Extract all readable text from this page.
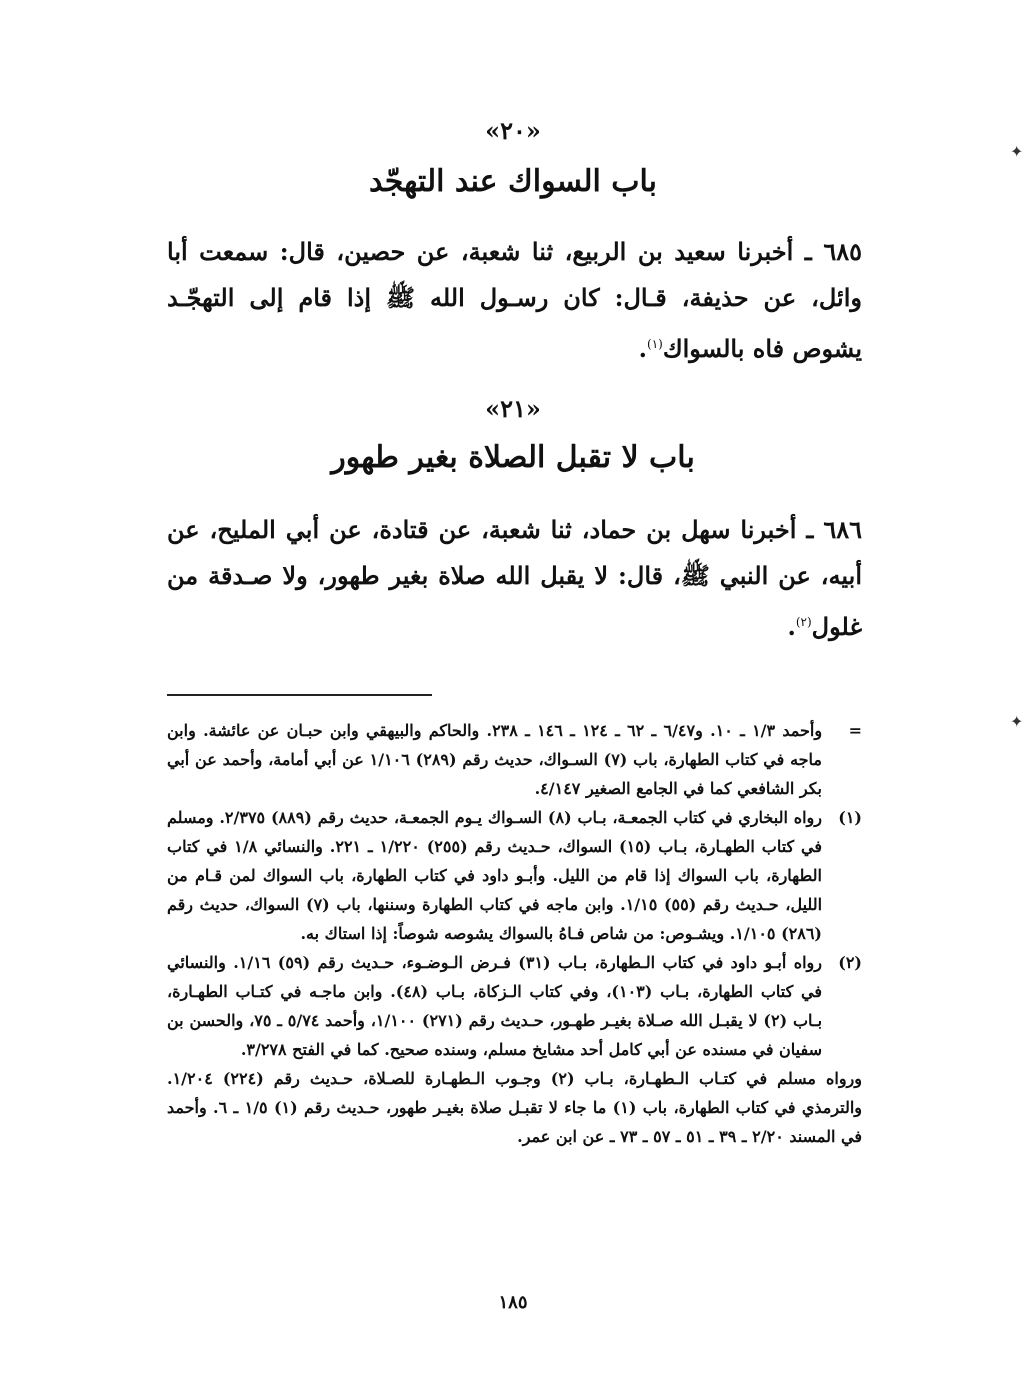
«٢٠»
باب السواك عند التهجّد
٦٨٥ ـ أخبرنا سعيد بن الربيع، ثنا شعبة، عن حصين، قال: سمعت أبا وائل، عن حذيفة، قـال: كان رسـول الله ﷺ إذا قام إلى التهجّـد يشوص فاه بالسواك$^{(١)}$.
«٢١»
باب لا تقبل الصلاة بغير طهور
٦٨٦ ـ أخبرنا سهل بن حماد، ثنا شعبة، عن قتادة، عن أبي المليح، عن أبيه، عن النبي ﷺ، قال: لا يقبل الله صلاة بغير طهور، ولا صـدقة من غلول$^{(٢)}$.
=
وأحمد ١/٣ ـ ١٠. و٦/٤٧ ـ ٦٢ ـ ١٢٤ ـ ١٤٦ ـ ٢٣٨. والحاكم والبيهقي وابن حبـان عن عائشة. وابن ماجه في كتاب الطهارة، باب (٧) السـواك، حديث رقم (٢٨٩) ١/١٠٦ عن أبي أمامة، وأحمد عن أبي بكر الشافعي كما في الجامع الصغير ٤/١٤٧.
(١)
رواه البخاري في كتاب الجمعـة، بـاب (٨) السـواك يـوم الجمعـة، حديث رقم (٨٨٩) ٢/٣٧٥. ومسلم في كتاب الطهـارة، بـاب (١٥) السواك، حـديث رقم (٢٥٥) ١/٢٢٠ ـ ٢٢١. والنسائي ١/٨ في كتاب الطهارة، باب السواك إذا قام من الليل. وأبـو داود في كتاب الطهارة، باب السواك لمن قـام من الليل، حـديث رقم (٥٥) ١/١٥. وابن ماجه في كتاب الطهارة وسننها، باب (٧) السواك، حديث رقم (٢٨٦) ١/١٠٥. ويشـوص: من شاص فـاهُ بالسواك يشوصه شوصاً: إذا استاك به.
(٢)
رواه أبـو داود في كتاب الـطهارة، بـاب (٣١) فـرض الـوضـوء، حـديث رقم (٥٩) ١/١٦. والنسائي في كتاب الطهارة، بـاب (١٠٣)، وفي كتاب الـزكاة، بـاب (٤٨). وابن ماجـه في كتـاب الطهـارة، بـاب (٢) لا يقبـل الله صـلاة بغيـر طهـور، حـديث رقم (٢٧١) ١/١٠٠، وأحمد ٥/٧٤ ـ ٧٥، والحسن بن سفيان في مسنده عن أبي كامل أحد مشايخ مسلم، وسنده صحيح. كما في الفتح ٣/٢٧٨.
ورواه مسلم في كتـاب الـطهـارة، بـاب (٢) وجـوب الـطهـارة للصـلاة، حـديث رقم (٢٢٤) ١/٢٠٤. والترمذي في كتاب الطهارة، باب (١) ما جاء لا تقبـل صلاة بغيـر طهور، حـديث رقم (١) ١/٥ ـ ٦. وأحمد في المسند ٢/٢٠ ـ ٣٩ ـ ٥١ ـ ٥٧ ـ ٧٣ ـ عن ابن عمر.
١٨٥
✦
✦
